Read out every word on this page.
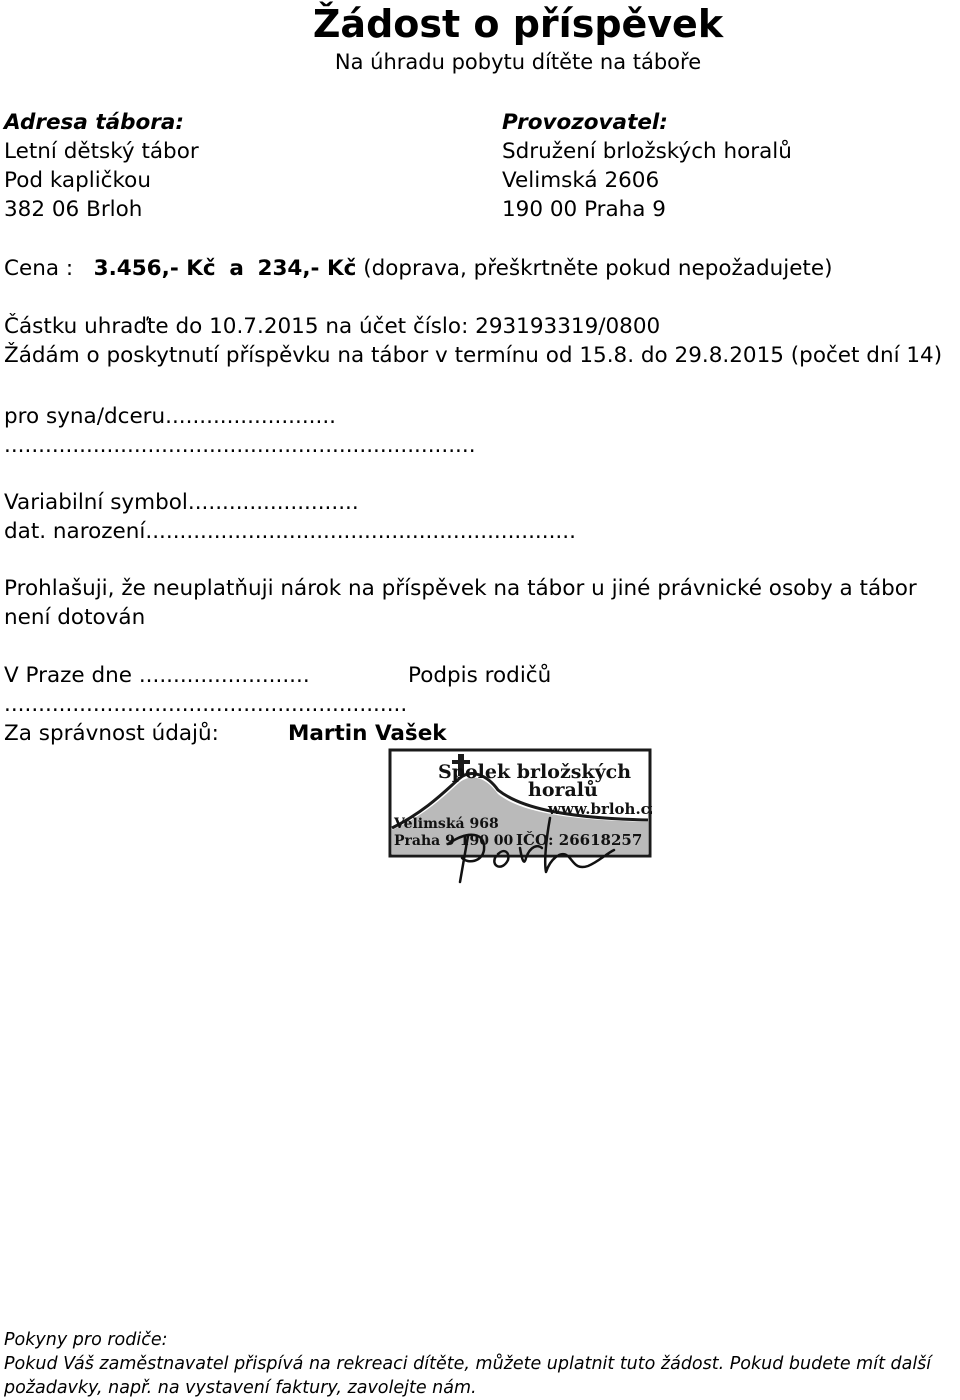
Žádost o příspěvek
Na úhradu pobytu dítěte na táboře
Adresa tábora:
Letní dětský tábor
Pod kapličkou
382 06 Brloh
Provozovatel:
Sdružení brložských horalů
Velimská 2606
190 00 Praha 9
Cena : 3.456,- Kč a 234,- Kč (doprava, přeškrtněte pokud nepožadujete)
Částku uhraďte do 10.7.2015 na účet číslo: 293193319/0800
Žádám o poskytnutí příspěvku na tábor v termínu od 15.8. do 29.8.2015 (počet dní 14)
pro syna/dceru.........................
.....................................................................
Variabilní symbol.........................
dat. narození...............................................................
Prohlašuji, že neuplatňuji nárok na příspěvek na tábor u jiné právnické osoby a tábor není dotován
V Praze dne .........................	Podpis rodičů
...........................................................
Za správnost údajů:	Martin Vašek
Spolek brložských
horalů
www.brloh.cz
Velimská 968
Praha 9 190 00 IČO: 26618257
Pokyny pro rodiče:
Pokud Váš zaměstnavatel přispívá na rekreaci dítěte, můžete uplatnit tuto žádost. Pokud budete mít další
požadavky, např. na vystavení faktury, zavolejte nám.
